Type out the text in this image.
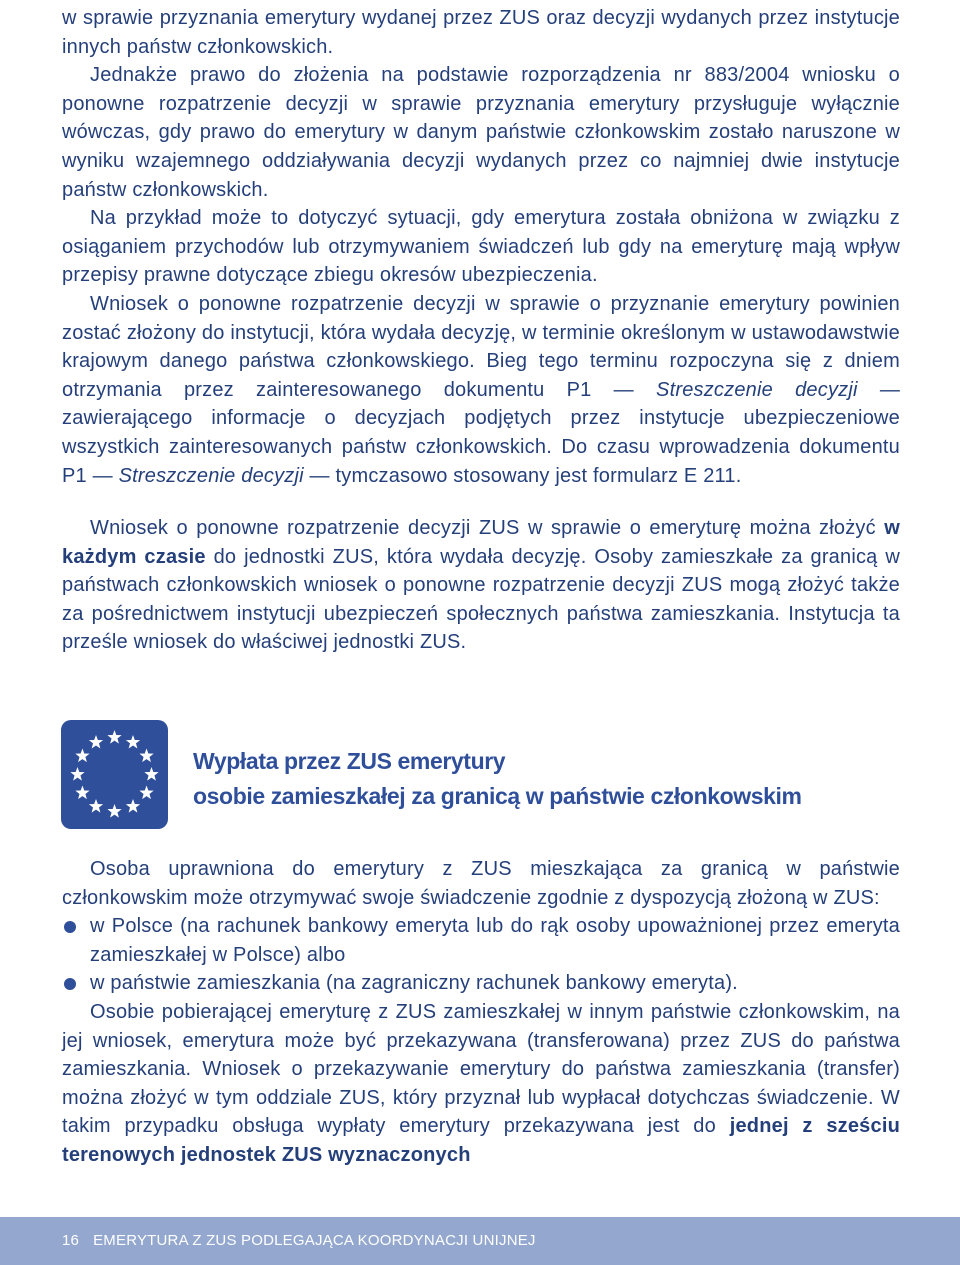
w sprawie przyznania emerytury wydanej przez ZUS oraz decyzji wydanych przez instytucje innych państw członkowskich.

Jednakże prawo do złożenia na podstawie rozporządzenia nr 883/2004 wniosku o ponowne rozpatrzenie decyzji w sprawie przyznania emerytury przysługuje wyłącznie wówczas, gdy prawo do emerytury w danym państwie członkowskim zostało naruszone w wyniku wzajemnego oddziaływania decyzji wydanych przez co najmniej dwie instytucje państw członkowskich.

Na przykład może to dotyczyć sytuacji, gdy emerytura została obniżona w związku z osiąganiem przychodów lub otrzymywaniem świadczeń lub gdy na emeryturę mają wpływ przepisy prawne dotyczące zbiegu okresów ubezpieczenia.

Wniosek o ponowne rozpatrzenie decyzji w sprawie o przyznanie emerytury powinien zostać złożony do instytucji, która wydała decyzję, w terminie określonym w ustawodawstwie krajowym danego państwa członkowskiego. Bieg tego terminu rozpoczyna się z dniem otrzymania przez zainteresowanego dokumentu P1 — Streszczenie decyzji — zawierającego informacje o decyzjach podjętych przez instytucje ubezpieczeniowe wszystkich zainteresowanych państw członkowskich. Do czasu wprowadzenia dokumentu P1 — Streszczenie decyzji — tymczasowo stosowany jest formularz E 211.

Wniosek o ponowne rozpatrzenie decyzji ZUS w sprawie o emeryturę można złożyć w każdym czasie do jednostki ZUS, która wydała decyzję. Osoby zamieszkałe za granicą w państwach członkowskich wniosek o ponowne rozpatrzenie decyzji ZUS mogą złożyć także za pośrednictwem instytucji ubezpieczeń społecznych państwa zamieszkania. Instytucja ta prześle wniosek do właściwej jednostki ZUS.

Wypłata przez ZUS emerytury
osobie zamieszkałej za granicą w państwie członkowskim

Osoba uprawniona do emerytury z ZUS mieszkająca za granicą w państwie członkowskim może otrzymywać swoje świadczenie zgodnie z dyspozycją złożoną w ZUS:

w Polsce (na rachunek bankowy emeryta lub do rąk osoby upoważnionej przez emeryta zamieszkałej w Polsce) albo
w państwie zamieszkania (na zagraniczny rachunek bankowy emeryta).

Osobie pobierającej emeryturę z ZUS zamieszkałej w innym państwie członkowskim, na jej wniosek, emerytura może być przekazywana (transferowana) przez ZUS do państwa zamieszkania. Wniosek o przekazywanie emerytury do państwa zamieszkania (transfer) można złożyć w tym oddziale ZUS, który przyznał lub wypłacał dotychczas świadczenie. W takim przypadku obsługa wypłaty emerytury przekazywana jest do jednej z sześciu terenowych jednostek ZUS wyznaczonych

16 EMERYTURA Z ZUS PODLEGAJĄCA KOORDYNACJI UNIJNEJ
